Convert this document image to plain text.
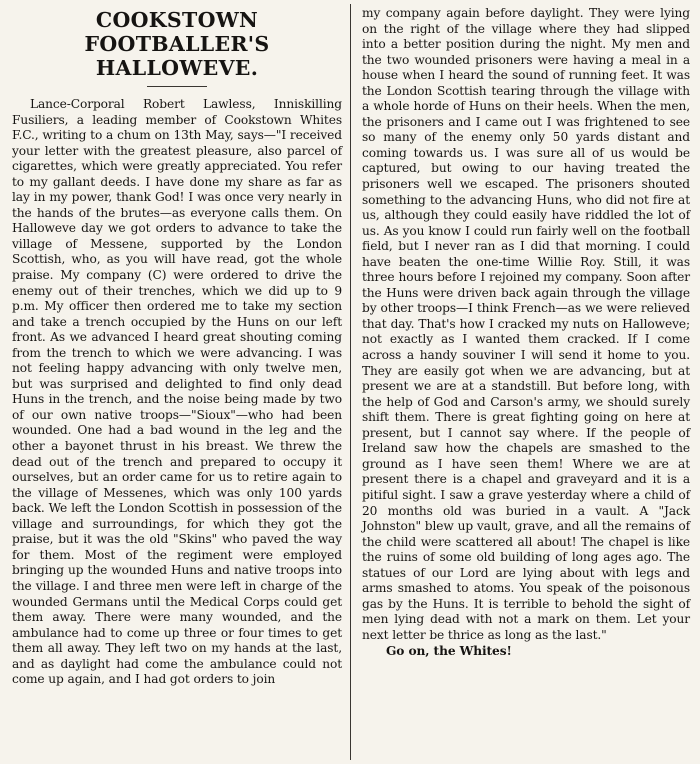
COOKSTOWN FOOTBALLER'S HALLOWEVE.

Lance-Corporal Robert Lawless, Inniskilling Fusiliers, a leading member of Cookstown Whites F.C., writing to a chum on 13th May, says—"I received your letter with the greatest pleasure, also parcel of cigarettes, which were greatly appreciated. You refer to my gallant deeds. I have done my share as far as lay in my power, thank God! I was once very nearly in the hands of the brutes—as everyone calls them. On Halloweve day we got orders to advance to take the village of Messene, supported by the London Scottish, who, as you will have read, got the whole praise. My company (C) were ordered to drive the enemy out of their trenches, which we did up to 9 p.m. My officer then ordered me to take my section and take a trench occupied by the Huns on our left front. As we advanced I heard great shouting coming from the trench to which we were advancing. I was not feeling happy advancing with only twelve men, but was surprised and delighted to find only dead Huns in the trench, and the noise being made by two of our own native troops—"Sioux"—who had been wounded. One had a bad wound in the leg and the other a bayonet thrust in his breast. We threw the dead out of the trench and prepared to occupy it ourselves, but an order came for us to retire again to the village of Messenes, which was only 100 yards back. We left the London Scottish in possession of the village and surroundings, for which they got the praise, but it was the old "Skins" who paved the way for them. Most of the regiment were employed bringing up the wounded Huns and native troops into the village. I and three men were left in charge of the wounded Germans until the Medical Corps could get them away. There were many wounded, and the ambulance had to come up three or four times to get them all away. They left two on my hands at the last, and as daylight had come the ambulance could not come up again, and I had got orders to join

my company again before daylight. They were lying on the right of the village where they had slipped into a better position during the night. My men and the two wounded prisoners were having a meal in a house when I heard the sound of running feet. It was the London Scottish tearing through the village with a whole horde of Huns on their heels. When the men, the prisoners and I came out I was frightened to see so many of the enemy only 50 yards distant and coming towards us. I was sure all of us would be captured, but owing to our having treated the prisoners well we escaped. The prisoners shouted something to the advancing Huns, who did not fire at us, although they could easily have riddled the lot of us. As you know I could run fairly well on the football field, but I never ran as I did that morning. I could have beaten the one-time Willie Roy. Still, it was three hours before I rejoined my company. Soon after the Huns were driven back again through the village by other troops—I think French—as we were relieved that day. That's how I cracked my nuts on Halloweve; not exactly as I wanted them cracked. If I come across a handy souviner I will send it home to you. They are easily got when we are advancing, but at present we are at a standstill. But before long, with the help of God and Carson's army, we should surely shift them. There is great fighting going on here at present, but I cannot say where. If the people of Ireland saw how the chapels are smashed to the ground as I have seen them! Where we are at present there is a chapel and graveyard and it is a pitiful sight. I saw a grave yesterday where a child of 20 months old was buried in a vault. A "Jack Johnston" blew up vault, grave, and all the remains of the child were scattered all about! The chapel is like the ruins of some old building of long ages ago. The statues of our Lord are lying about with legs and arms smashed to atoms. You speak of the poisonous gas by the Huns. It is terrible to behold the sight of men lying dead with not a mark on them. Let your next letter be thrice as long as the last."

Go on, the Whites!
